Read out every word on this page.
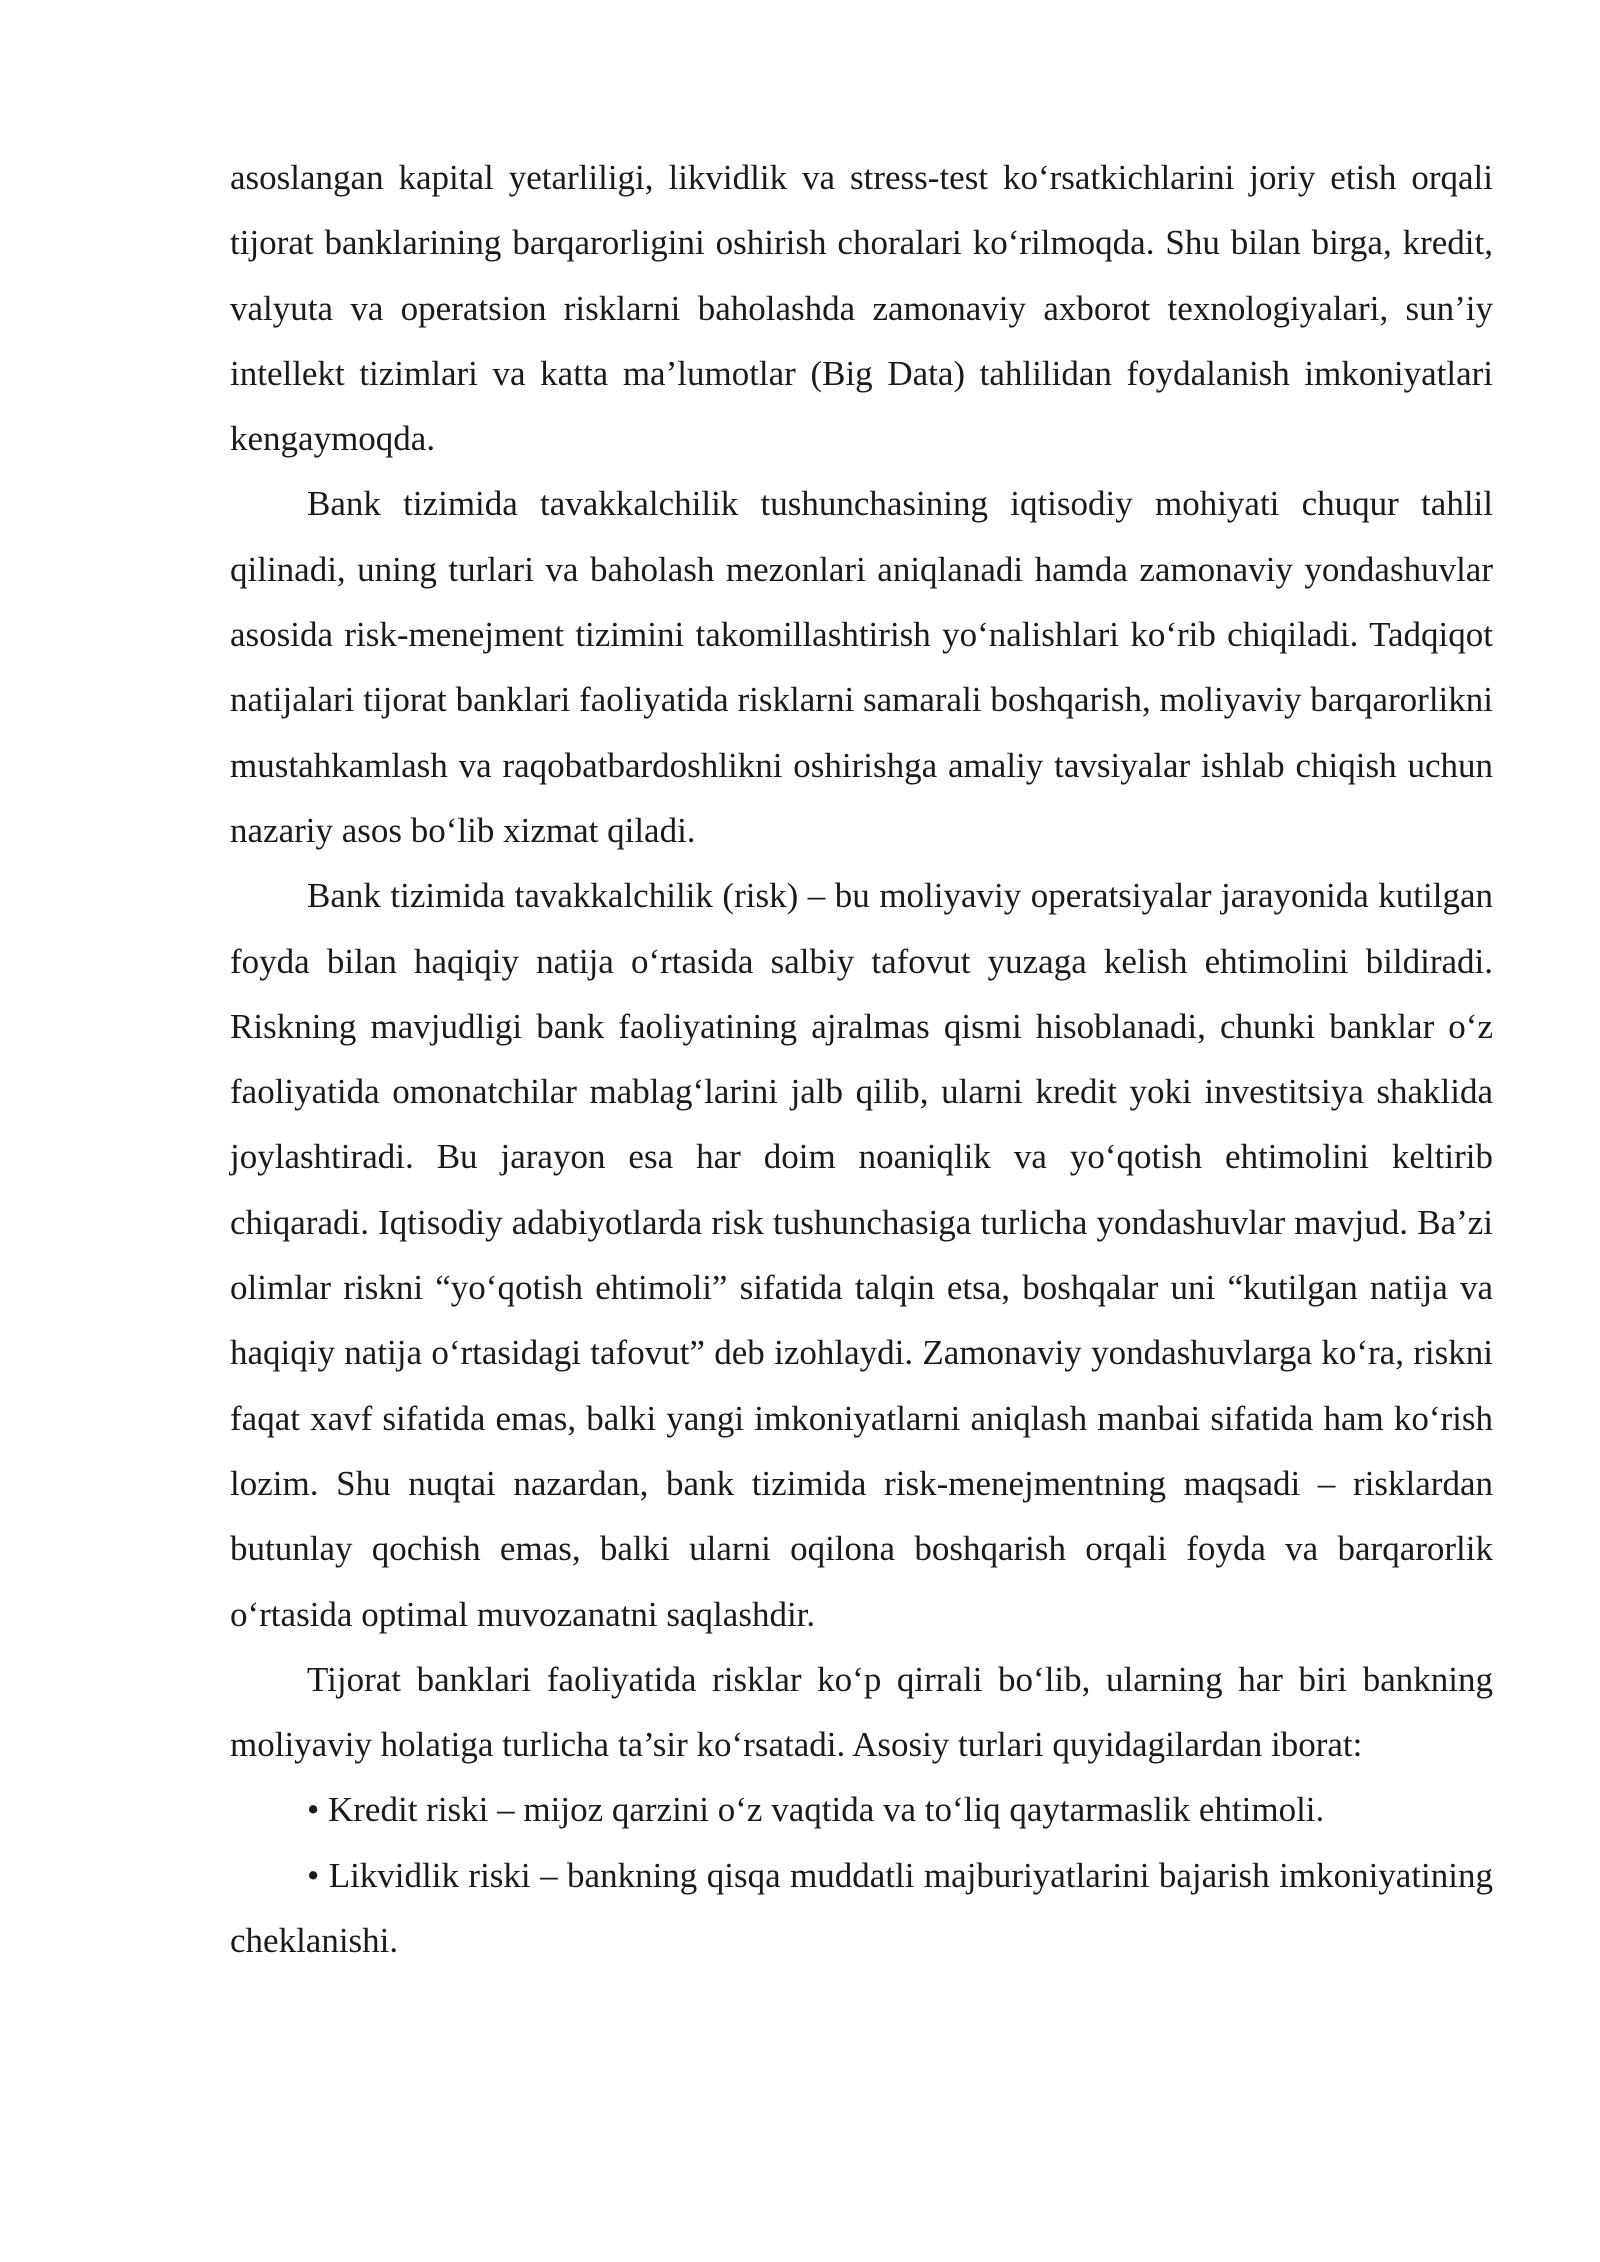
asoslangan kapital yetarliligi, likvidlik va stress-test ko‘rsatkichlarini joriy etish orqali tijorat banklarining barqarorligini oshirish choralari ko‘rilmoqda. Shu bilan birga, kredit, valyuta va operatsion risklarni baholashda zamonaviy axborot texnologiyalari, sun’iy intellekt tizimlari va katta ma’lumotlar (Big Data) tahlilidan foydalanish imkoniyatlari kengaymoqda.

Bank tizimida tavakkalchilik tushunchasining iqtisodiy mohiyati chuqur tahlil qilinadi, uning turlari va baholash mezonlari aniqlanadi hamda zamonaviy yondashuvlar asosida risk-menejment tizimini takomillashtirish yo‘nalishlari ko‘rib chiqiladi. Tadqiqot natijalari tijorat banklari faoliyatida risklarni samarali boshqarish, moliyaviy barqarorlikni mustahkamlash va raqobatbardoshlikni oshirishga amaliy tavsiyalar ishlab chiqish uchun nazariy asos bo‘lib xizmat qiladi.

Bank tizimida tavakkalchilik (risk) – bu moliyaviy operatsiyalar jarayonida kutilgan foyda bilan haqiqiy natija o‘rtasida salbiy tafovut yuzaga kelish ehtimolini bildiradi. Riskning mavjudligi bank faoliyatining ajralmas qismi hisoblanadi, chunki banklar o‘z faoliyatida omonatchilar mablag‘larini jalb qilib, ularni kredit yoki investitsiya shaklida joylashtiradi. Bu jarayon esa har doim noaniqlik va yo‘qotish ehtimolini keltirib chiqaradi. Iqtisodiy adabiyotlarda risk tushunchasiga turlicha yondashuvlar mavjud. Ba’zi olimlar riskni “yo‘qotish ehtimoli” sifatida talqin etsa, boshqalar uni “kutilgan natija va haqiqiy natija o‘rtasidagi tafovut” deb izohlaydi. Zamonaviy yondashuvlarga ko‘ra, riskni faqat xavf sifatida emas, balki yangi imkoniyatlarni aniqlash manbai sifatida ham ko‘rish lozim. Shu nuqtai nazardan, bank tizimida risk-menejmentning maqsadi – risklardan butunlay qochish emas, balki ularni oqilona boshqarish orqali foyda va barqarorlik o‘rtasida optimal muvozanatni saqlashdir.

Tijorat banklari faoliyatida risklar ko‘p qirrali bo‘lib, ularning har biri bankning moliyaviy holatiga turlicha ta’sir ko‘rsatadi. Asosiy turlari quyidagilardan iborat:

• Kredit riski – mijoz qarzini o‘z vaqtida va to‘liq qaytarmaslik ehtimoli.

• Likvidlik riski – bankning qisqa muddatli majburiyatlarini bajarish imkoniyatining cheklanishi.
